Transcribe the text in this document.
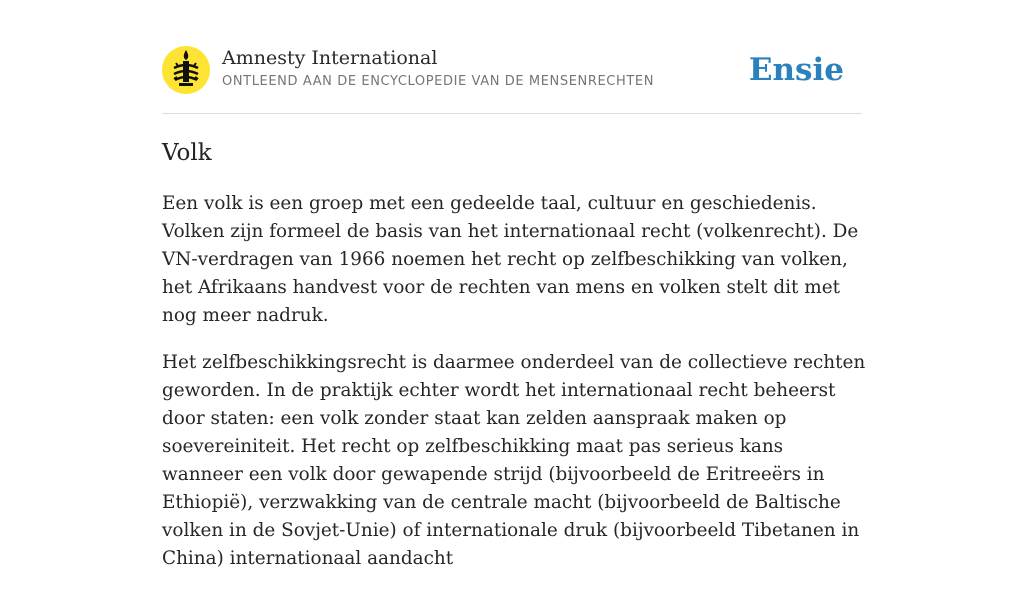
Amnesty International
ONTLEEND AAN DE ENCYCLOPEDIE VAN DE MENSENRECHTEN	Ensie
Volk

Een volk is een groep met een gedeelde taal, cultuur en geschiedenis. Volken zijn formeel de basis van het internationaal recht (volkenrecht). De VN-verdragen van 1966 noemen het recht op zelfbeschikking van volken, het Afrikaans handvest voor de rechten van mens en volken stelt dit met nog meer nadruk.

Het zelfbeschikkingsrecht is daarmee onderdeel van de collectieve rechten geworden. In de praktijk echter wordt het internationaal recht beheerst door staten: een volk zonder staat kan zelden aanspraak maken op soevereiniteit. Het recht op zelfbeschikking maat pas serieus kans wanneer een volk door gewapende strijd (bijvoorbeeld de Eritreeërs in Ethiopië), verzwakking van de centrale macht (bijvoorbeeld de Baltische volken in de Sovjet-Unie) of internationale druk (bijvoorbeeld Tibetanen in China) internationaal aandacht
